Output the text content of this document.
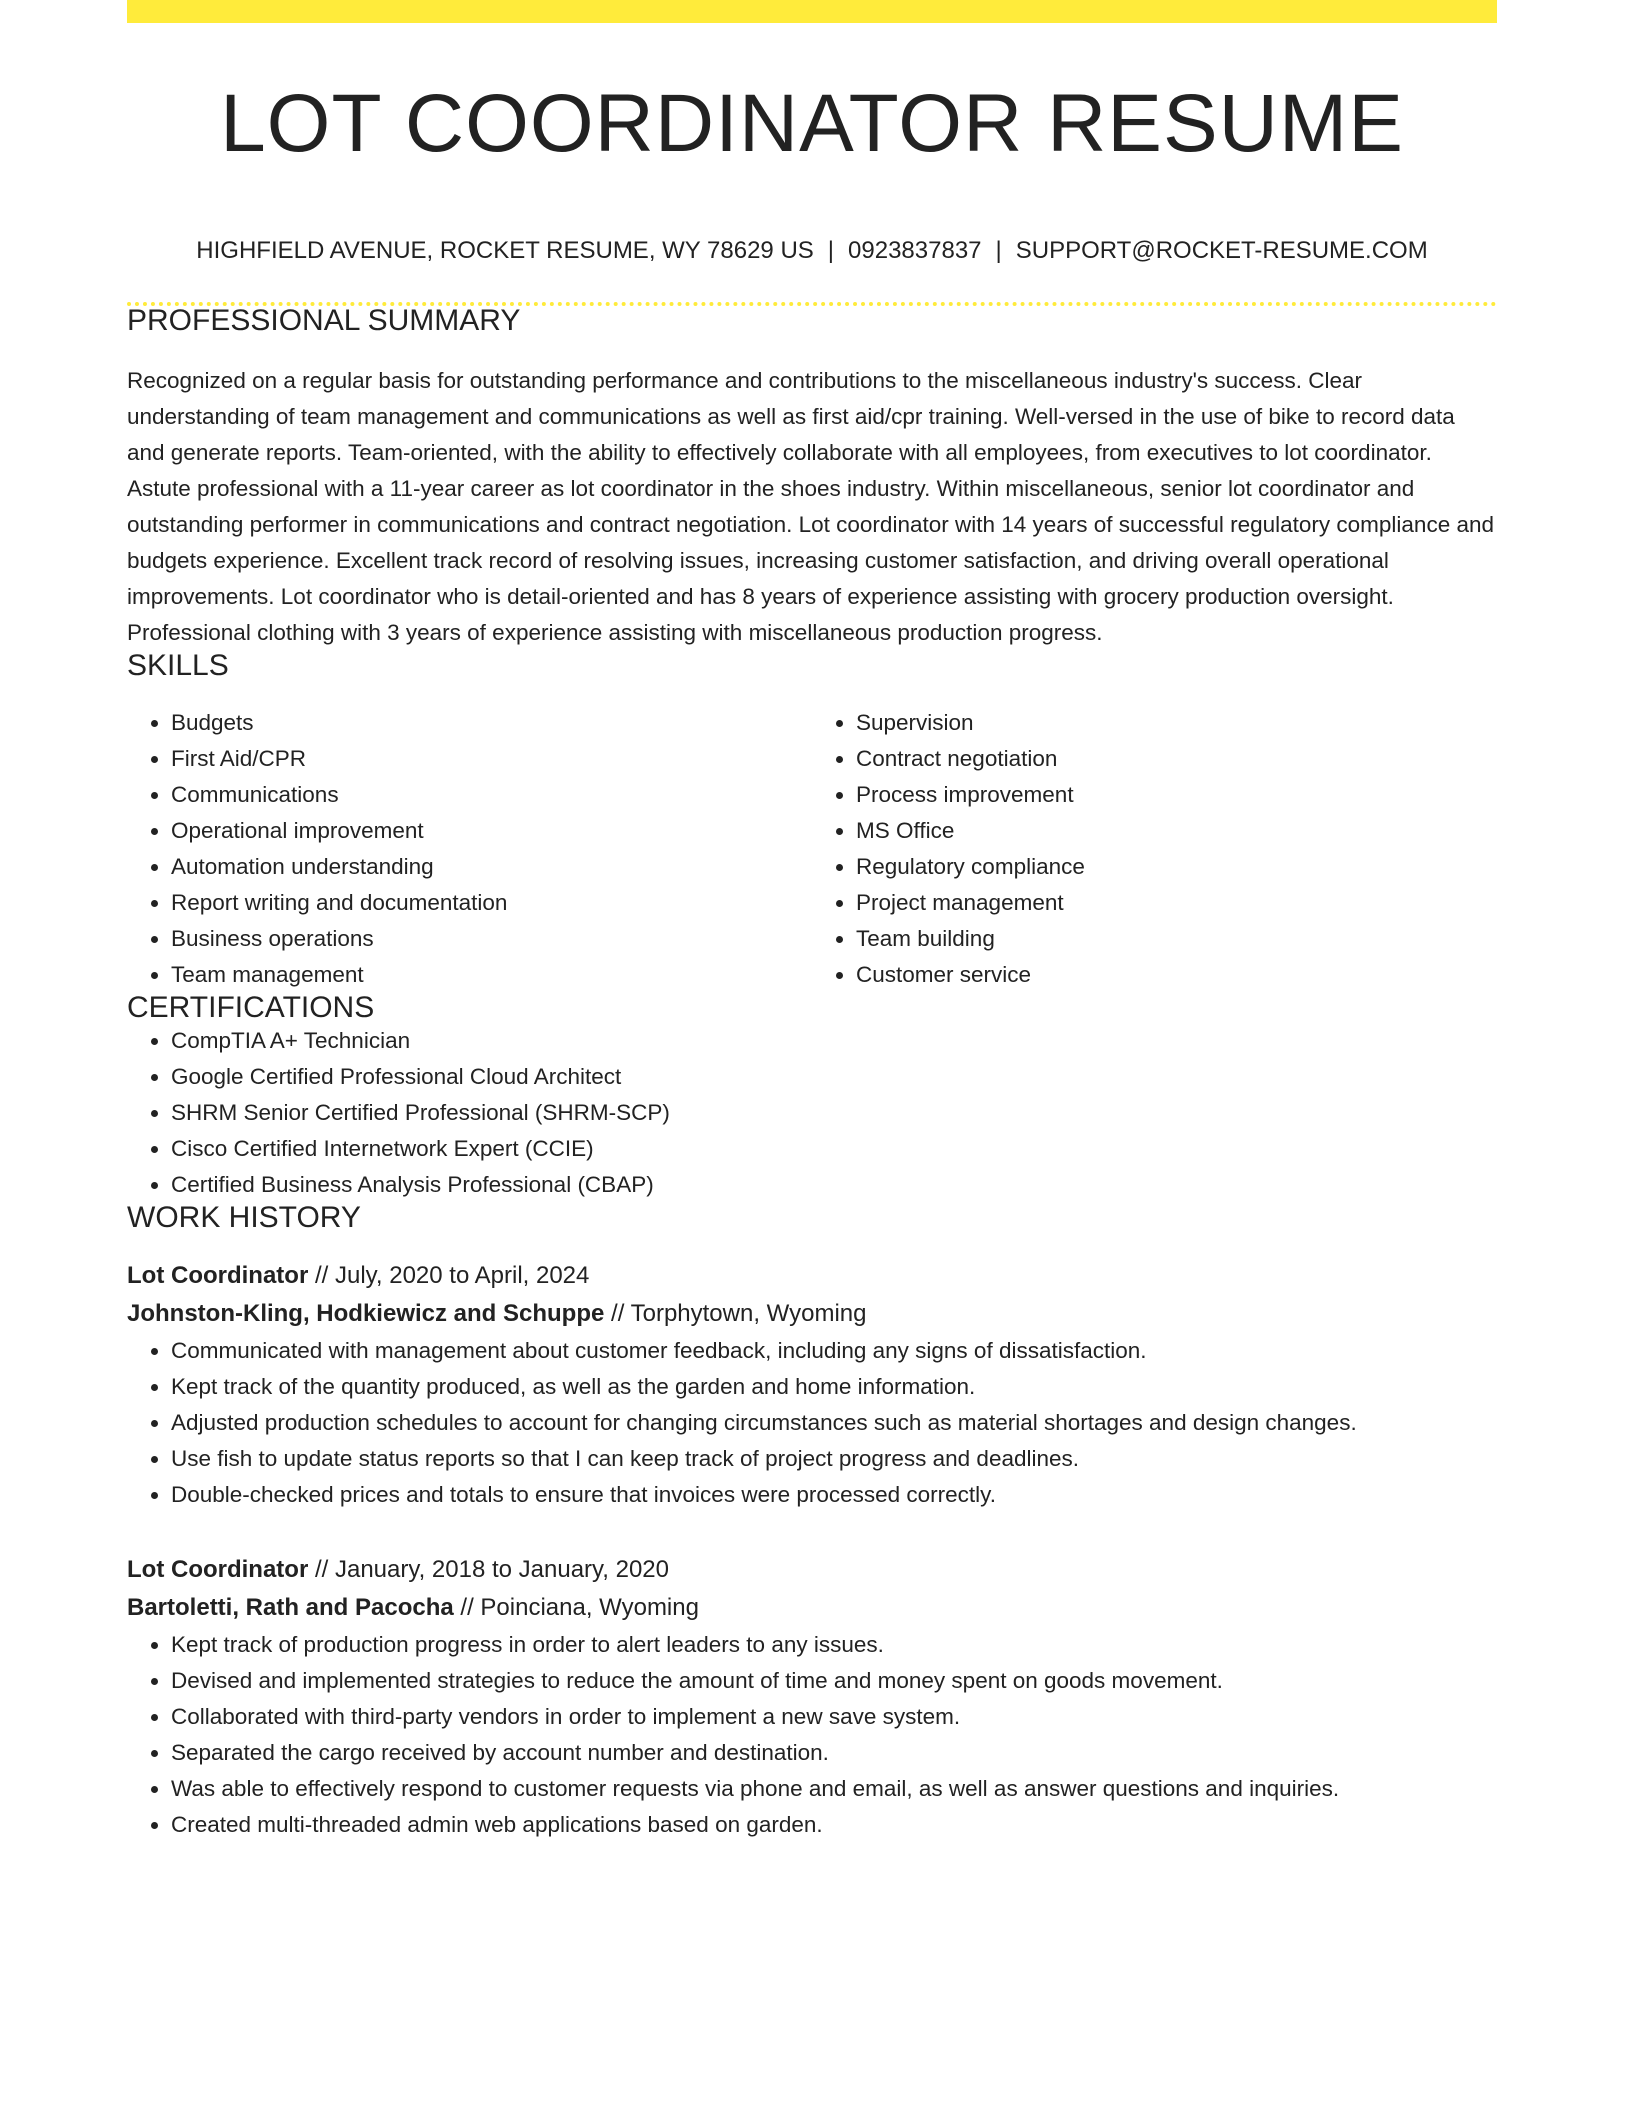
LOT COORDINATOR RESUME
HIGHFIELD AVENUE, ROCKET RESUME, WY 78629 US | 0923837837 | SUPPORT@ROCKET-RESUME.COM
PROFESSIONAL SUMMARY

Recognized on a regular basis for outstanding performance and contributions to the miscellaneous industry's success. Clear understanding of team management and communications as well as first aid/cpr training. Well-versed in the use of bike to record data and generate reports. Team-oriented, with the ability to effectively collaborate with all employees, from executives to lot coordinator. Astute professional with a 11-year career as lot coordinator in the shoes industry. Within miscellaneous, senior lot coordinator and outstanding performer in communications and contract negotiation. Lot coordinator with 14 years of successful regulatory compliance and budgets experience. Excellent track record of resolving issues, increasing customer satisfaction, and driving overall operational improvements. Lot coordinator who is detail-oriented and has 8 years of experience assisting with grocery production oversight. Professional clothing with 3 years of experience assisting with miscellaneous production progress.

SKILLS
• Budgets
• First Aid/CPR
• Communications
• Operational improvement
• Automation understanding
• Report writing and documentation
• Business operations
• Team management
• Supervision
• Contract negotiation
• Process improvement
• MS Office
• Regulatory compliance
• Project management
• Team building
• Customer service
CERTIFICATIONS
• CompTIA A+ Technician
• Google Certified Professional Cloud Architect
• SHRM Senior Certified Professional (SHRM-SCP)
• Cisco Certified Internetwork Expert (CCIE)
• Certified Business Analysis Professional (CBAP)
WORK HISTORY
Lot Coordinator // July, 2020 to April, 2024
Johnston-Kling, Hodkiewicz and Schuppe // Torphytown, Wyoming
• Communicated with management about customer feedback, including any signs of dissatisfaction.
• Kept track of the quantity produced, as well as the garden and home information.
• Adjusted production schedules to account for changing circumstances such as material shortages and design changes.
• Use fish to update status reports so that I can keep track of project progress and deadlines.
• Double-checked prices and totals to ensure that invoices were processed correctly.
Lot Coordinator // January, 2018 to January, 2020
Bartoletti, Rath and Pacocha // Poinciana, Wyoming
• Kept track of production progress in order to alert leaders to any issues.
• Devised and implemented strategies to reduce the amount of time and money spent on goods movement.
• Collaborated with third-party vendors in order to implement a new save system.
• Separated the cargo received by account number and destination.
• Was able to effectively respond to customer requests via phone and email, as well as answer questions and inquiries.
• Created multi-threaded admin web applications based on garden.
